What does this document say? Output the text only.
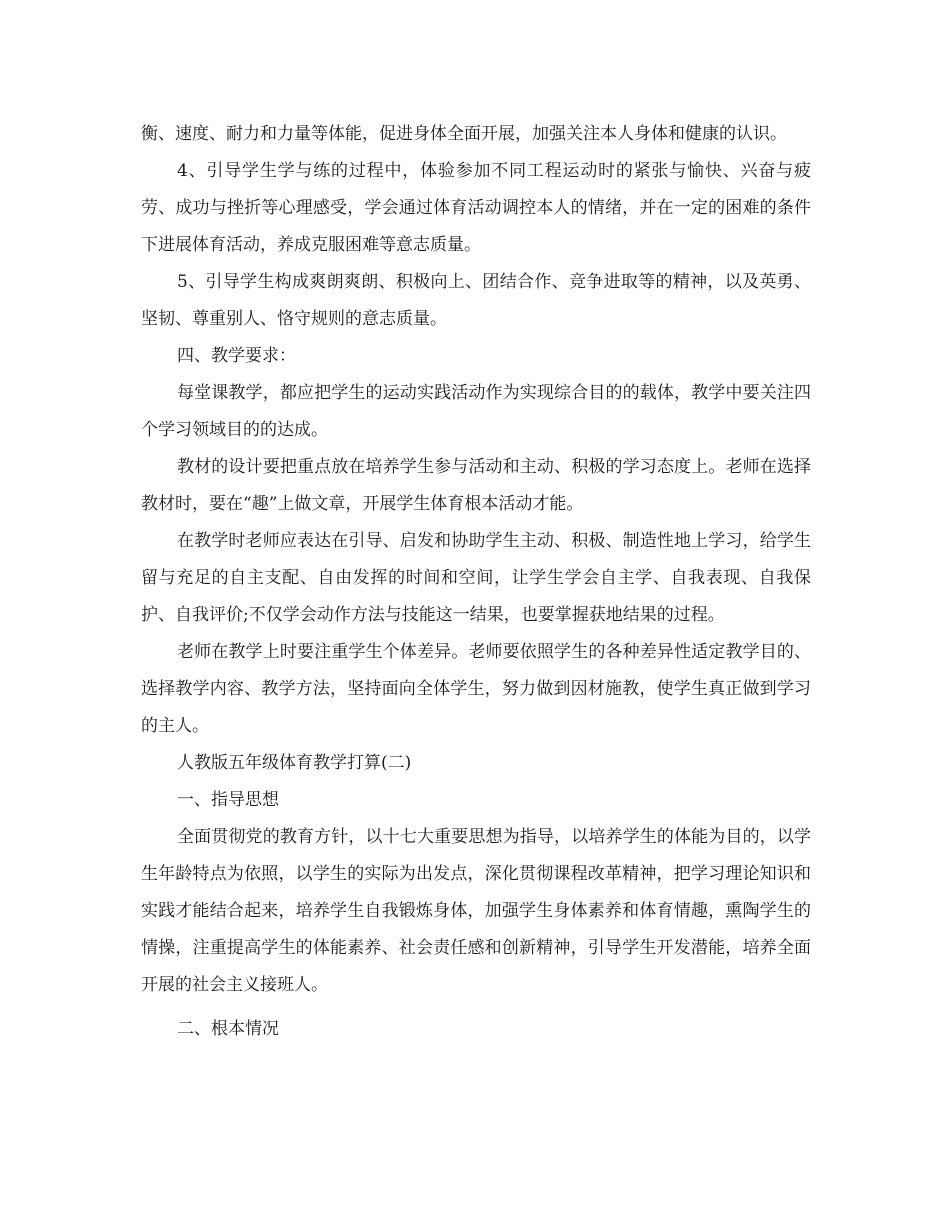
衡、速度、耐力和力量等体能，促进身体全面开展，加强关注本人身体和健康的认识。

4、引导学生学与练的过程中，体验参加不同工程运动时的紧张与愉快、兴奋与疲劳、成功与挫折等心理感受，学会通过体育活动调控本人的情绪，并在一定的困难的条件下进展体育活动，养成克服困难等意志质量。

5、引导学生构成爽朗爽朗、积极向上、团结合作、竞争进取等的精神，以及英勇、坚韧、尊重别人、恪守规则的意志质量。

四、教学要求：

每堂课教学，都应把学生的运动实践活动作为实现综合目的的载体，教学中要关注四个学习领域目的的达成。

教材的设计要把重点放在培养学生参与活动和主动、积极的学习态度上。老师在选择教材时，要在“趣”上做文章，开展学生体育根本活动才能。

在教学时老师应表达在引导、启发和协助学生主动、积极、制造性地上学习，给学生留与充足的自主支配、自由发挥的时间和空间，让学生学会自主学、自我表现、自我保护、自我评价;不仅学会动作方法与技能这一结果，也要掌握获地结果的过程。

老师在教学上时要注重学生个体差异。老师要依照学生的各种差异性适定教学目的、选择教学内容、教学方法，坚持面向全体学生，努力做到因材施教，使学生真正做到学习的主人。

人教版五年级体育教学打算(二)

一、指导思想

全面贯彻党的教育方针，以十七大重要思想为指导，以培养学生的体能为目的，以学生年龄特点为依照，以学生的实际为出发点，深化贯彻课程改革精神，把学习理论知识和实践才能结合起来，培养学生自我锻炼身体，加强学生身体素养和体育情趣，熏陶学生的情操，注重提高学生的体能素养、社会责任感和创新精神，引导学生开发潜能，培养全面开展的社会主义接班人。

二、根本情况
